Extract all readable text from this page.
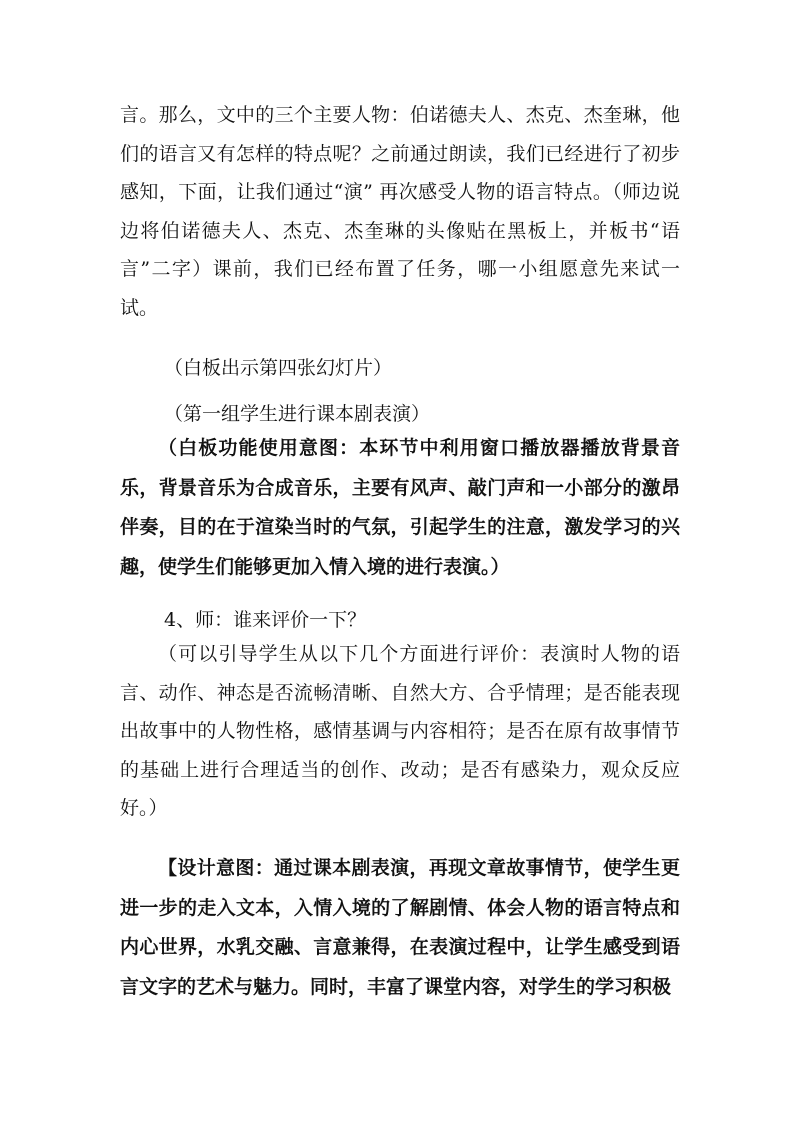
言。那么，文中的三个主要人物：伯诺德夫人、杰克、杰奎琳，他们的语言又有怎样的特点呢？之前通过朗读，我们已经进行了初步感知，下面，让我们通过“演” 再次感受人物的语言特点。（师边说边将伯诺德夫人、杰克、杰奎琳的头像贴在黑板上，并板书“语言”二字）课前，我们已经布置了任务，哪一小组愿意先来试一试。

（白板出示第四张幻灯片）

（第一组学生进行课本剧表演）

（白板功能使用意图：本环节中利用窗口播放器播放背景音乐，背景音乐为合成音乐，主要有风声、敲门声和一小部分的激昂伴奏，目的在于渲染当时的气氛，引起学生的注意，激发学习的兴趣，使学生们能够更加入情入境的进行表演。）

4、师：谁来评价一下？

（可以引导学生从以下几个方面进行评价：表演时人物的语言、动作、神态是否流畅清晰、自然大方、合乎情理；是否能表现出故事中的人物性格，感情基调与内容相符；是否在原有故事情节的基础上进行合理适当的创作、改动；是否有感染力，观众反应好。）

【设计意图：通过课本剧表演，再现文章故事情节，使学生更进一步的走入文本，入情入境的了解剧情、体会人物的语言特点和内心世界，水乳交融、言意兼得，在表演过程中，让学生感受到语言文字的艺术与魅力。同时，丰富了课堂内容，对学生的学习积极
